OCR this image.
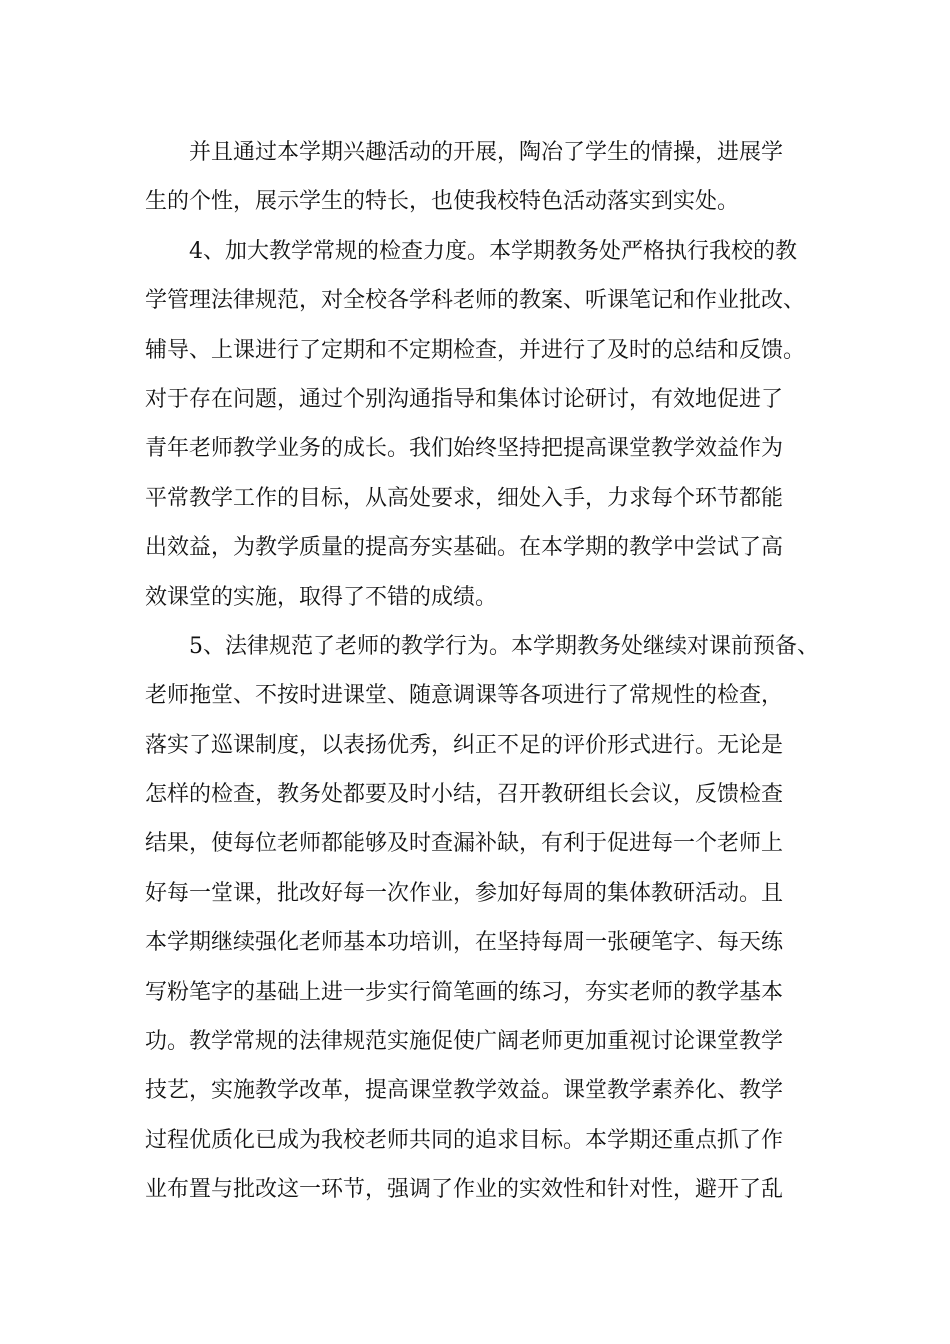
并且通过本学期兴趣活动的开展，陶冶了学生的情操，进展学
生的个性，展示学生的特长，也使我校特色活动落实到实处。
4、加大教学常规的检查力度。本学期教务处严格执行我校的教
学管理法律规范，对全校各学科老师的教案、听课笔记和作业批改、
辅导、上课进行了定期和不定期检查，并进行了及时的总结和反馈。
对于存在问题，通过个别沟通指导和集体讨论研讨，有效地促进了
青年老师教学业务的成长。我们始终坚持把提高课堂教学效益作为
平常教学工作的目标，从高处要求，细处入手，力求每个环节都能
出效益，为教学质量的提高夯实基础。在本学期的教学中尝试了高
效课堂的实施，取得了不错的成绩。
5、法律规范了老师的教学行为。本学期教务处继续对课前预备、
老师拖堂、不按时进课堂、随意调课等各项进行了常规性的检查，
落实了巡课制度，以表扬优秀，纠正不足的评价形式进行。无论是
怎样的检查，教务处都要及时小结，召开教研组长会议，反馈检查
结果，使每位老师都能够及时查漏补缺，有利于促进每一个老师上
好每一堂课，批改好每一次作业，参加好每周的集体教研活动。且
本学期继续强化老师基本功培训，在坚持每周一张硬笔字、每天练
写粉笔字的基础上进一步实行简笔画的练习，夯实老师的教学基本
功。教学常规的法律规范实施促使广阔老师更加重视讨论课堂教学
技艺，实施教学改革，提高课堂教学效益。课堂教学素养化、教学
过程优质化已成为我校老师共同的追求目标。本学期还重点抓了作
业布置与批改这一环节，强调了作业的实效性和针对性，避开了乱
